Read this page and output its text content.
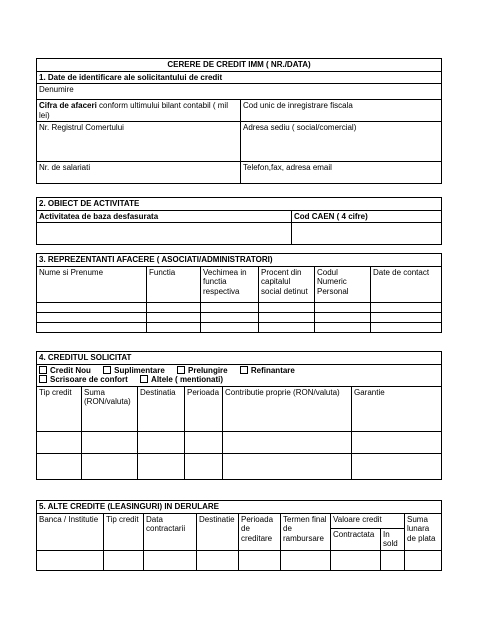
CERERE DE CREDIT IMM ( NR./DATA)	
1. Date de identificare ale solicitantului de credit	
Denumire	
Cifra de afaceri conform ultimului bilant contabil ( mil lei)	Cod unic de inregistrare fiscala
Nr. Registrul Comertului	Adresa sediu ( social/comercial)
Nr. de salariati	Telefon,fax, adresa email
2. OBIECT DE ACTIVITATE	
Activitatea de baza desfasurata	Cod CAEN ( 4 cifre)

3. REPREZENTANTI AFACERE ( ASOCIATI/ADMINISTRATORI)					
Nume si Prenume	Functia	Vechimea in functia respectiva	Procent din capitalul social detinut	Codul Numeric Personal	Date de contact

4. CREDITUL SOLICITAT					
Credit Nou Suplimentare Prelungire Refinantare
Scrisoare de confort Altele ( mentionati)					
Tip credit	Suma (RON/valuta)	Destinatia	Perioada	Contributie proprie (RON/valuta)	Garantie

5. ALTE CREDITE (LEASINGURI) IN DERULARE								
Banca / Institutie	Tip credit	Data contractarii	Destinatie	Perioada de creditare	Termen final de rambursare	Valoare credit		Suma lunara de plata
						Contractata	In sold	
